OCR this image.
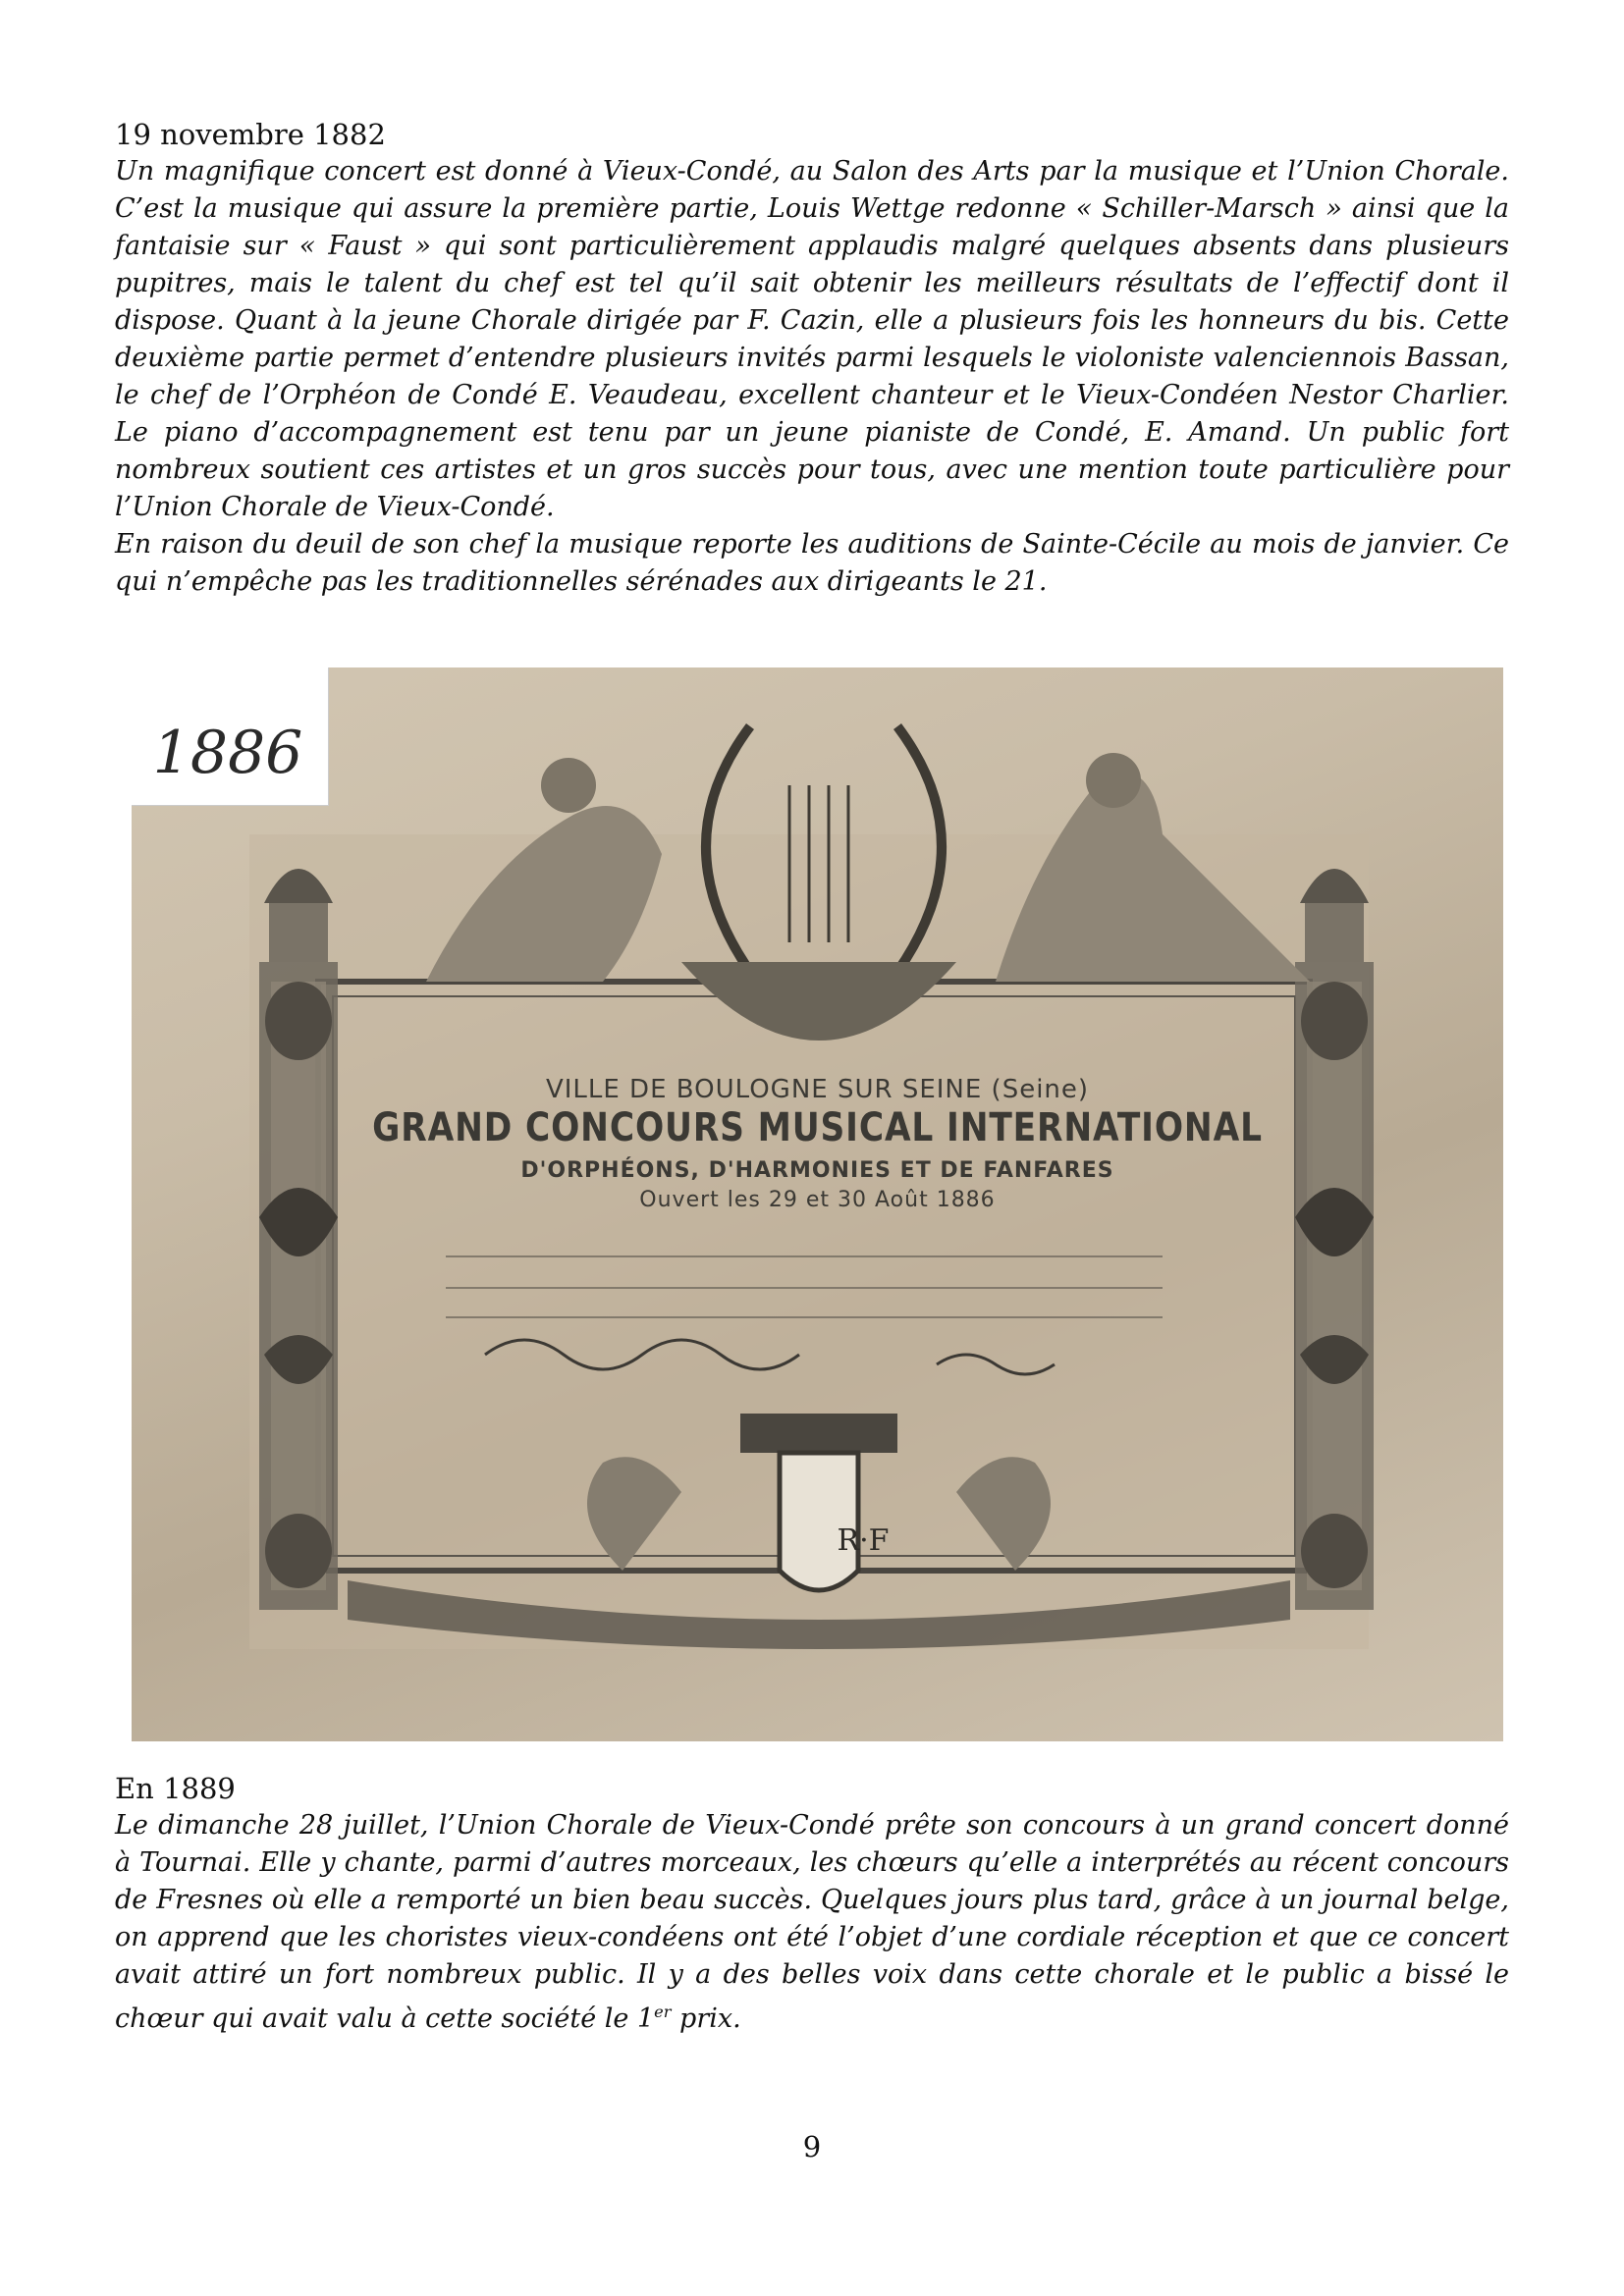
19 novembre 1882

Un magnifique concert est donné à Vieux-Condé, au Salon des Arts par la musique et l’Union Chorale. C’est la musique qui assure la première partie, Louis Wettge redonne « Schiller-Marsch » ainsi que la fantaisie sur « Faust » qui sont particulièrement applaudis malgré quelques absents dans plusieurs pupitres, mais le talent du chef est tel qu’il sait obtenir les meilleurs résultats de l’effectif dont il dispose. Quant à la jeune Chorale dirigée par F. Cazin, elle a plusieurs fois les honneurs du bis. Cette deuxième partie permet d’entendre plusieurs invités parmi lesquels le violoniste valenciennois Bassan, le chef de l’Orphéon de Condé E. Veaudeau, excellent chanteur et le Vieux-Condéen Nestor Charlier. Le piano d’accompagnement est tenu par un jeune pianiste de Condé, E. Amand. Un public fort nombreux soutient ces artistes et un gros succès pour tous, avec une mention toute particulière pour l’Union Chorale de Vieux-Condé.

En raison du deuil de son chef la musique reporte les auditions de Sainte-Cécile au mois de janvier. Ce qui n’empêche pas les traditionnelles sérénades aux dirigeants le 21.

VILLE DE BOULOGNE SUR SEINE (Seine)
GRAND CONCOURS MUSICAL INTERNATIONAL
D'ORPHÉONS, D'HARMONIES ET DE FANFARES
Ouvert les 29 et 30 Août 1886
R·F
1886

En 1889

Le dimanche 28 juillet, l’Union Chorale de Vieux-Condé prête son concours à un grand concert donné à Tournai. Elle y chante, parmi d’autres morceaux, les chœurs qu’elle a interprétés au récent concours de Fresnes où elle a remporté un bien beau succès. Quelques jours plus tard, grâce à un journal belge, on apprend que les choristes vieux-condéens ont été l’objet d’une cordiale réception et que ce concert avait attiré un fort nombreux public. Il y a des belles voix dans cette chorale et le public a bissé le chœur qui avait valu à cette société le 1er prix.

9
